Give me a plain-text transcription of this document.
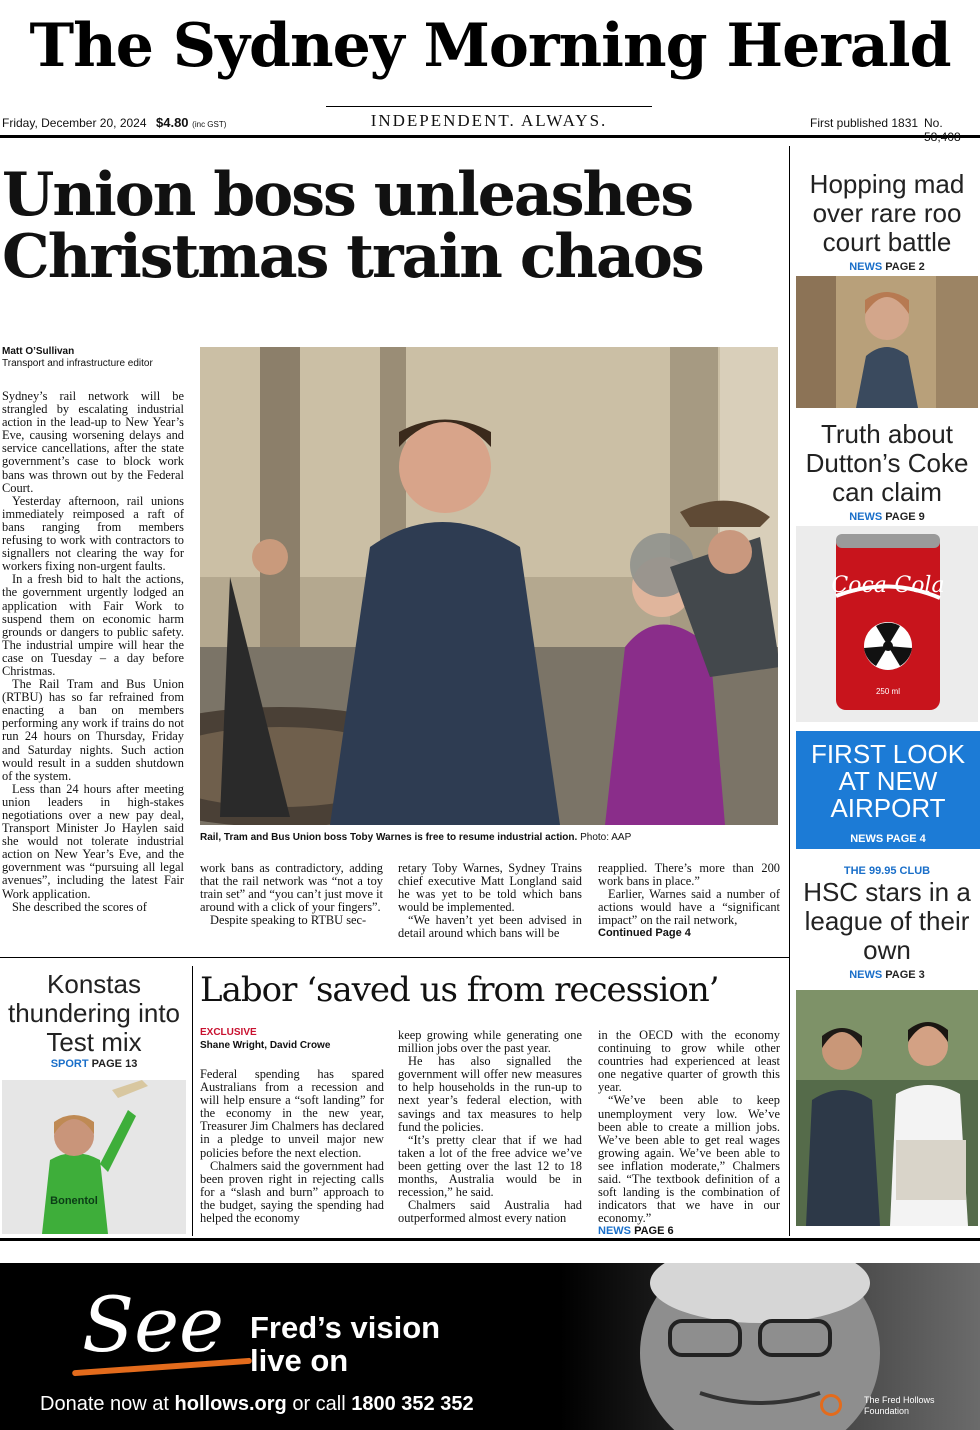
The Sydney Morning Herald
Friday, December 20, 2024 $4.80 (inc GST)	INDEPENDENT. ALWAYS.	First published 1831 No. 58,408
Union boss unleashes
Christmas train chaos
Matt O’Sullivan
Transport and infrastructure editor

Sydney’s rail network will be strangled by escalating industrial action in the lead-up to New Year’s Eve, causing worsening delays and service cancellations, after the state government’s case to block work bans was thrown out by the Federal Court.

Yesterday afternoon, rail unions immediately reimposed a raft of bans ranging from members refusing to work with contractors to signallers not clearing the way for workers fixing non-urgent faults.

In a fresh bid to halt the actions, the government urgently lodged an application with Fair Work to suspend them on economic harm grounds or dangers to public safety. The industrial umpire will hear the case on Tuesday – a day before Christmas.

The Rail Tram and Bus Union (RTBU) has so far refrained from enacting a ban on members performing any work if trains do not run 24 hours on Thursday, Friday and Saturday nights. Such action would result in a sudden shutdown of the system.

Less than 24 hours after meeting union leaders in high-stakes negotiations over a new pay deal, Transport Minister Jo Haylen said she would not tolerate industrial action on New Year’s Eve, and the government was “pursuing all legal avenues”, including the latest Fair Work application.

She described the scores of

Rail, Tram and Bus Union boss Toby Warnes is free to resume industrial action. Photo: AAP

work bans as contradictory, adding that the rail network was “not a toy train set” and “you can’t just move it around with a click of your fingers”.

Despite speaking to RTBU sec-

retary Toby Warnes, Sydney Trains chief executive Matt Longland said he was yet to be told which bans would be implemented.

“We haven’t yet been advised in detail around which bans will be

reapplied. There’s more than 200 work bans in place.”

Earlier, Warnes said a number of actions would have a “significant impact” on the rail network,

Continued Page 4

Hopping mad over rare roo court battle
NEWS PAGE 2
Truth about Dutton’s Coke can claim
NEWS PAGE 9
Coca-Cola
250 ml
FIRST LOOK AT NEW AIRPORT
NEWS PAGE 4
THE 99.95 CLUB
HSC stars in a league of their own
NEWS PAGE 3
Konstas thundering into Test mix
SPORT PAGE 13
Bonentol
Labor ‘saved us from recession’
EXCLUSIVE
Shane Wright, David Crowe

Federal spending has spared Australians from a recession and will help ensure a “soft landing” for the economy in the new year, Treasurer Jim Chalmers has declared in a pledge to unveil major new policies before the next election.

Chalmers said the government had been proven right in rejecting calls for a “slash and burn” approach to the budget, saying the spending had helped the economy

keep growing while generating one million jobs over the past year.

He has also signalled the government will offer new measures to help households in the run-up to next year’s federal election, with savings and tax measures to help fund the policies.

“It’s pretty clear that if we had taken a lot of the free advice we’ve been getting over the last 12 to 18 months, Australia would be in recession,” he said.

Chalmers said Australia had outperformed almost every nation

in the OECD with the economy continuing to grow while other countries had experienced at least one negative quarter of growth this year.

“We’ve been able to keep unemployment very low. We’ve been able to create a million jobs. We’ve been able to get real wages growing again. We’ve been able to see inflation moderate,” Chalmers said. “The textbook definition of a soft landing is the combination of indicators that we have in our economy.”

NEWS PAGE 6

See Fred’s vision
live on
Donate now at hollows.org or call 1800 352 352	The Fred Hollows
Foundation
